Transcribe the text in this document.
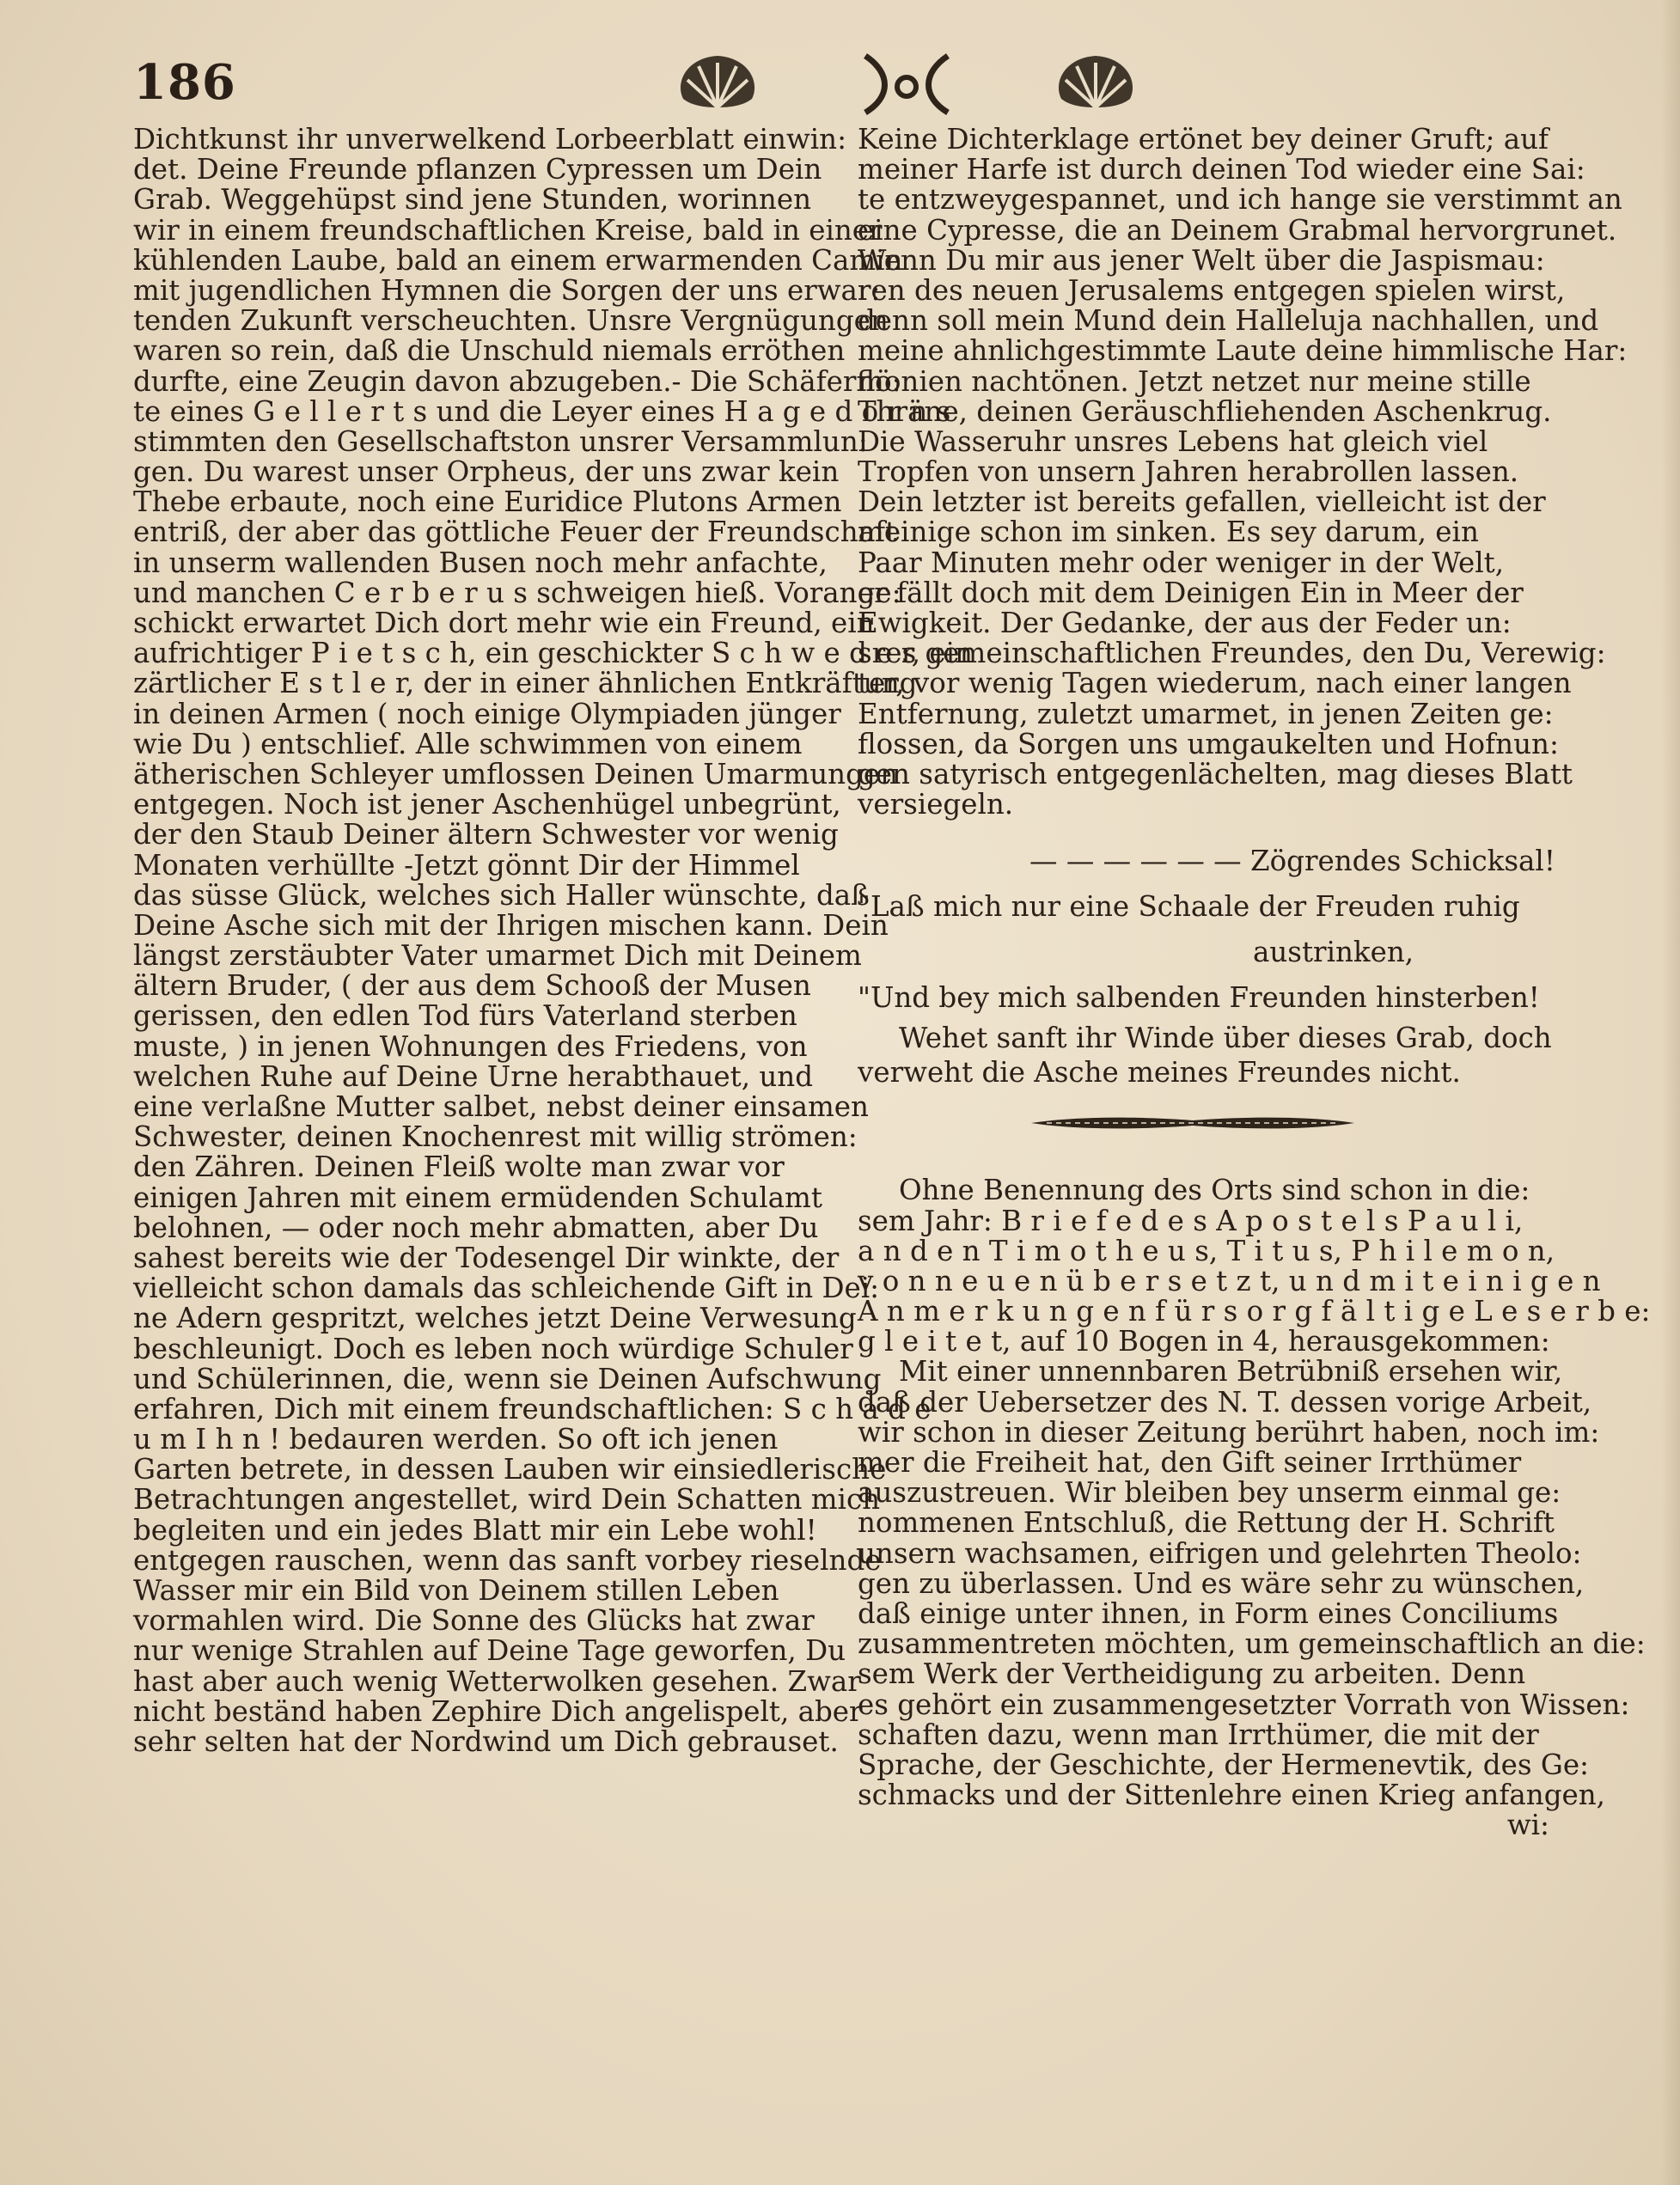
186
Dichtkunst ihr unverwelkend Lorbeerblatt einwin:
det. Deine Freunde pflanzen Cypressen um Dein
Grab. Weggehüpst sind jene Stunden, worinnen
wir in einem freundschaftlichen Kreise, bald in einer
kühlenden Laube, bald an einem erwarmenden Camin
mit jugendlichen Hymnen die Sorgen der uns erwar:
tenden Zukunft verscheuchten. Unsre Vergnügungen
waren so rein, daß die Unschuld niemals erröthen
durfte, eine Zeugin davon abzugeben.- Die Schäferflö:
te eines G e l l e r t s und die Leyer eines H a g e d o r n s
stimmten den Gesellschaftston unsrer Versammlun:
gen. Du warest unser Orpheus, der uns zwar kein
Thebe erbaute, noch eine Euridice Plutons Armen
entriß, der aber das göttliche Feuer der Freundschaft
in unserm wallenden Busen noch mehr anfachte,
und manchen C e r b e r u s schweigen hieß. Vorange:
schickt erwartet Dich dort mehr wie ein Freund, ein
aufrichtiger P i e t s c h, ein geschickter S c h w e d e r, ein
zärtlicher E s t l e r, der in einer ähnlichen Entkräftung
in deinen Armen ( noch einige Olympiaden jünger
wie Du ) entschlief. Alle schwimmen von einem
ätherischen Schleyer umflossen Deinen Umarmungen
entgegen. Noch ist jener Aschenhügel unbegrünt,
der den Staub Deiner ältern Schwester vor wenig
Monaten verhüllte -Jetzt gönnt Dir der Himmel
das süsse Glück, welches sich Haller wünschte, daß
Deine Asche sich mit der Ihrigen mischen kann. Dein
längst zerstäubter Vater umarmet Dich mit Deinem
ältern Bruder, ( der aus dem Schooß der Musen
gerissen, den edlen Tod fürs Vaterland sterben
muste, ) in jenen Wohnungen des Friedens, von
welchen Ruhe auf Deine Urne herabthauet, und
eine verlaßne Mutter salbet, nebst deiner einsamen
Schwester, deinen Knochenrest mit willig strömen:
den Zähren. Deinen Fleiß wolte man zwar vor
einigen Jahren mit einem ermüdenden Schulamt
belohnen, — oder noch mehr abmatten, aber Du
sahest bereits wie der Todesengel Dir winkte, der
vielleicht schon damals das schleichende Gift in Dei:
ne Adern gespritzt, welches jetzt Deine Verwesung
beschleunigt. Doch es leben noch würdige Schuler
und Schülerinnen, die, wenn sie Deinen Aufschwung
erfahren, Dich mit einem freundschaftlichen: S c h a d e
u m I h n ! bedauren werden. So oft ich jenen
Garten betrete, in dessen Lauben wir einsiedlerische
Betrachtungen angestellet, wird Dein Schatten mich
begleiten und ein jedes Blatt mir ein Lebe wohl!
entgegen rauschen, wenn das sanft vorbey rieselnde
Wasser mir ein Bild von Deinem stillen Leben
vormahlen wird. Die Sonne des Glücks hat zwar
nur wenige Strahlen auf Deine Tage geworfen, Du
hast aber auch wenig Wetterwolken gesehen. Zwar
nicht beständ haben Zephire Dich angelispelt, aber
sehr selten hat der Nordwind um Dich gebrauset.
Keine Dichterklage ertönet bey deiner Gruft; auf
meiner Harfe ist durch deinen Tod wieder eine Sai:
te entzweygespannet, und ich hange sie verstimmt an
eine Cypresse, die an Deinem Grabmal hervorgrunet.
Wenn Du mir aus jener Welt über die Jaspismau:
ren des neuen Jerusalems entgegen spielen wirst,
denn soll mein Mund dein Halleluja nachhallen, und
meine ahnlichgestimmte Laute deine himmlische Har:
monien nachtönen. Jetzt netzet nur meine stille
Thräne, deinen Geräuschfliehenden Aschenkrug.
Die Wasseruhr unsres Lebens hat gleich viel
Tropfen von unsern Jahren herabrollen lassen.
Dein letzter ist bereits gefallen, vielleicht ist der
meinige schon im sinken. Es sey darum, ein
Paar Minuten mehr oder weniger in der Welt,
er fällt doch mit dem Deinigen Ein in Meer der
Ewigkeit. Der Gedanke, der aus der Feder un:
sres gemeinschaftlichen Freundes, den Du, Verewig:
ter, vor wenig Tagen wiederum, nach einer langen
Entfernung, zuletzt umarmet, in jenen Zeiten ge:
flossen, da Sorgen uns umgaukelten und Hofnun:
gen satyrisch entgegenlächelten, mag dieses Blatt
versiegeln.
— — — — — — Zögrendes Schicksal!
"Laß mich nur eine Schaale der Freuden ruhig
austrinken,
"Und bey mich salbenden Freunden hinsterben!
Wehet sanft ihr Winde über dieses Grab, doch
verweht die Asche meines Freundes nicht.
Ohne Benennung des Orts sind schon in die:
sem Jahr: B r i e f e d e s A p o s t e l s P a u l i,
a n d e n T i m o t h e u s, T i t u s, P h i l e m o n,
v o n n e u e n ü b e r s e t z t, u n d m i t e i n i g e n
A n m e r k u n g e n f ü r s o r g f ä l t i g e L e s e r b e:
g l e i t e t, auf 10 Bogen in 4, herausgekommen:
Mit einer unnennbaren Betrübniß ersehen wir,
daß der Uebersetzer des N. T. dessen vorige Arbeit,
wir schon in dieser Zeitung berührt haben, noch im:
mer die Freiheit hat, den Gift seiner Irrthümer
auszustreuen. Wir bleiben bey unserm einmal ge:
nommenen Entschluß, die Rettung der H. Schrift
unsern wachsamen, eifrigen und gelehrten Theolo:
gen zu überlassen. Und es wäre sehr zu wünschen,
daß einige unter ihnen, in Form eines Conciliums
zusammentreten möchten, um gemeinschaftlich an die:
sem Werk der Vertheidigung zu arbeiten. Denn
es gehört ein zusammengesetzter Vorrath von Wissen:
schaften dazu, wenn man Irrthümer, die mit der
Sprache, der Geschichte, der Hermenevtik, des Ge:
schmacks und der Sittenlehre einen Krieg anfangen,
wi:
